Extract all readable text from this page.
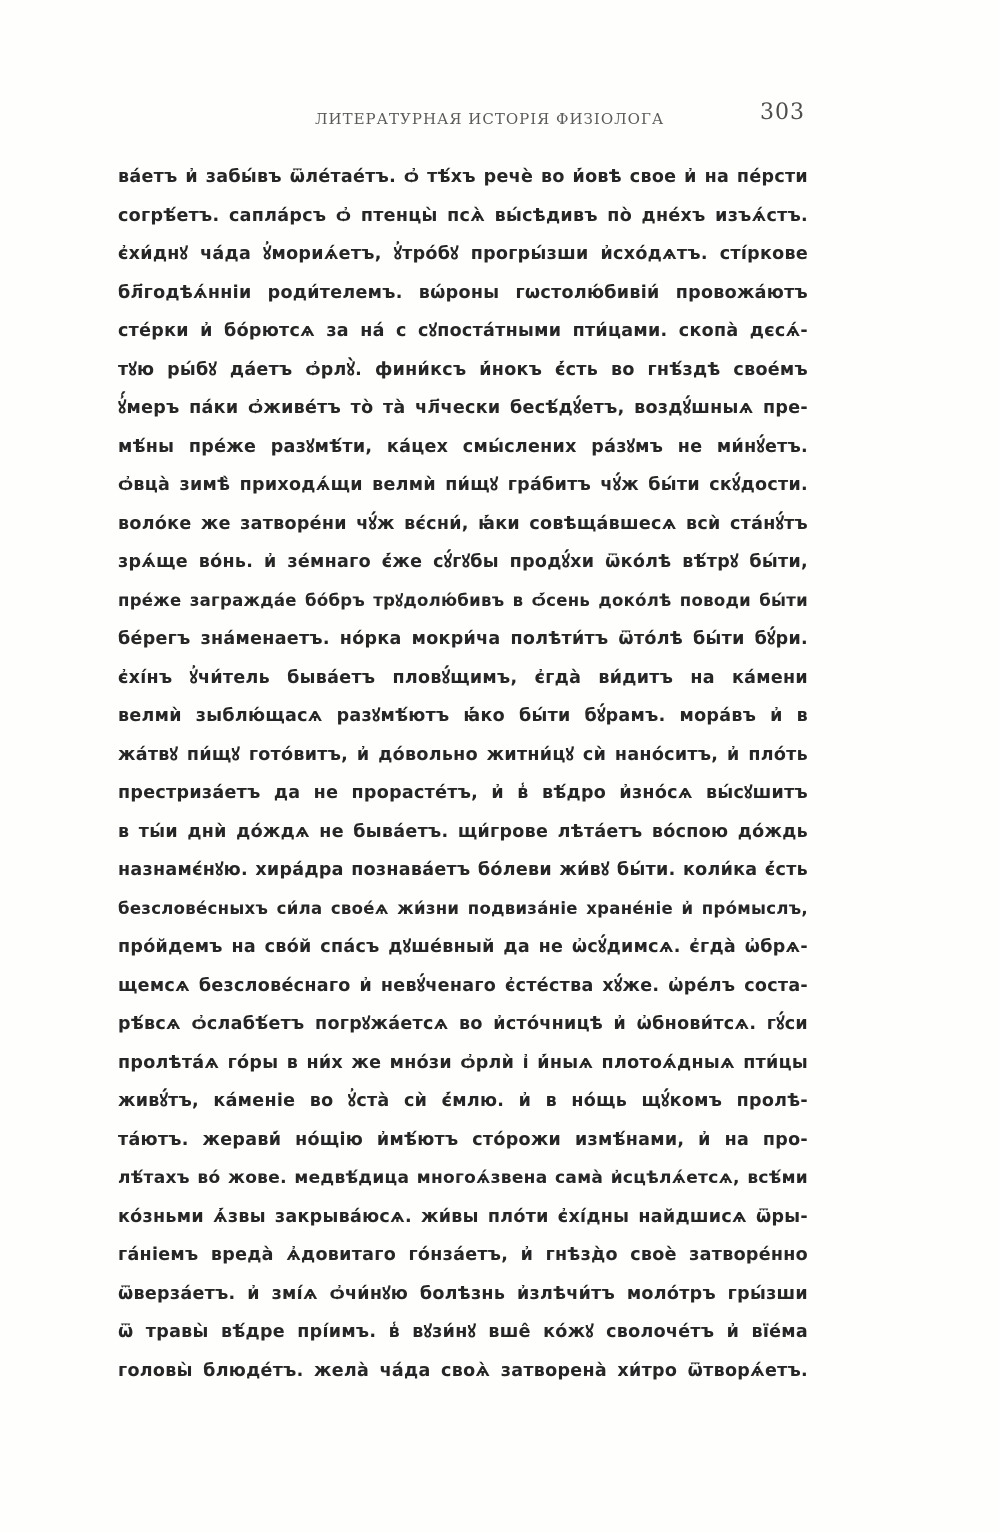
ЛИТЕРАТУРНАЯ ИСТОРІЯ ФИЗІОЛОГА	303
вáетъ и҆ забы́въ ѿле́таéтъ. ѻ҆ тѣ́хъ речѐ во и҆́овѣ свое и҆ на пе́рсти
согрѣ́етъ. сапла́рсъ ѻ҆ птенцы̀ псѧ̀ вы́сѣдивъ по̀ дне́хъ изъѧ́стъ.
є҆хи́днꙋ ча́да ꙋ҆мориѧ́етъ, ꙋ҆тро́бꙋ прогры́зши и҆схо́дѧтъ. сті́ркове
бл҃годѣѧ́нніи роди́телемъ. вѡ́роны гѡстолю́бивіи́ провожа́ютъ
сте́рки и҆ бо́рютсѧ за на́ с сꙋпоста́тными пти́цами. скопа̀ дєсѧ́-
тꙋю ры́бꙋ да́етъ ѻ҆рлꙋ̀. фини́ксъ и҆́нокъ є҆́сть во гнѣ́здѣ свое́мъ
ꙋ҆́меръ па́ки ѻ҆живе́тъ то̀ та̀ чл҃чески бесѣ́дꙋ́етъ, воздꙋ́шныѧ пре-
мѣ́ны пре́же разꙋмѣ́ти, ка́цех смы́слених ра́зꙋмъ не ми́нꙋ́етъ.
ѻ҆вца̀ зимѣ̀ приходѧ́щи велмѝ пи́щꙋ гра́битъ чꙋ́ж бы́ти скꙋ́дости.
воло́ке же затворе́ни чꙋ́ж вє́сни́, ꙗ҆́ки совѣща́вшесѧ всѝ ста́нꙋ́тъ
зрѧ́ще во́нь. и҆ зе́мнаго є҆́же сꙋ́гꙋбы продꙋ́хи ѿко́лѣ вѣ́трꙋ бы́ти,
пре́же загражда́е бо́бръ трꙋдолю́бивъ в ѻ҆́сень доко́лѣ поводи бы́ти
бе́регъ зна́менаетъ. но́рка мокри́ча полѣти́тъ ѿто́лѣ бы́ти бꙋ́ри.
є҆хі́нъ ꙋ҆чи́тель быва́етъ пловꙋ́щимъ, є҆гда̀ ви́дитъ на ка́мени
велмѝ зыблю́щасѧ разꙋмѣ́ютъ ꙗ҆́ко бы́ти бꙋ́рамъ. мора́въ и҆ в
жа́твꙋ пи́щꙋ гото́витъ, и҆ до́вольно житни́цꙋ сѝ нано́ситъ, и҆ пло́ть
престриза́етъ да не прорасте́тъ, и҆ в̾ вѣ́дро и҆зно́сѧ вы́сꙋшитъ
в ты́и днѝ до́ждѧ не быва́етъ. щи́грове лѣта́етъ во́спою до́ждь
назнамє́нꙋю. хира́дра познава́етъ бо́леви жи́вꙋ бы́ти. коли́ка є҆́сть
безслове́сныхъ си́ла свое́ѧ жи́зни подвиза́ніе хране́ніе и҆ про́мыслъ,
про́йдемъ на сво́й спа́съ дꙋше́вный да не ѡ҆сꙋ́димсѧ. є҆гда̀ ѡ҆брѧ-
щемсѧ безслове́снаго и҆ невꙋ́ченаго є҆сте́ства хꙋ́же. ѡ҆ре́лъ соста-
рѣ́всѧ ѻ҆слабѣ́етъ погрꙋжа́етсѧ во и҆сто́чницѣ и҆ ѡ҆бнови́тсѧ. гꙋ́си
пролѣта́ѧ го́ры в ни́х же мно́зи ѻ҆рлѝ і҆ и҆́ныѧ плотоѧ́дныѧ пти́цы
живꙋ́тъ, ка́меніе во ꙋ҆ста̀ сѝ є҆́млю. и҆ в но́щь щꙋ́комъ пролѣ-
та́ютъ. жерави̇́ но́щію и҆мѣ́ютъ сто́рожи измѣ́нами, и҆ на про-
лѣ́тахъ во́ жове. медвѣ́дица многоѧ́звена сама̀ и҆сцѣлѧ́етсѧ, всѣ́ми
ко́зньми ѧ҆́звы закрыва́юсѧ. жи́вы пло́ти є҆хі́дны найдшисѧ ѿры-
га́ніемъ вреда̀ ѧ҆довитаго го́нза́етъ, и҆ гнѣзд̀о своѐ затворе́нно
ѿверза́етъ. и҆ змі́ѧ ѻ҆чи́нꙋю болѣзнь и҆злѣчи́тъ моло́тръ гры́зши
ѿ травы̀ вѣ́дре прі́имъ. в̾ вꙋзи́нꙋ вше̂ ко́жꙋ сволоче́тъ и҆ вїе́ма
головы̀ блюде́тъ. жела̀ ча́да своѧ̀ затворена̀ хи́тро ѿтворѧ́етъ.
